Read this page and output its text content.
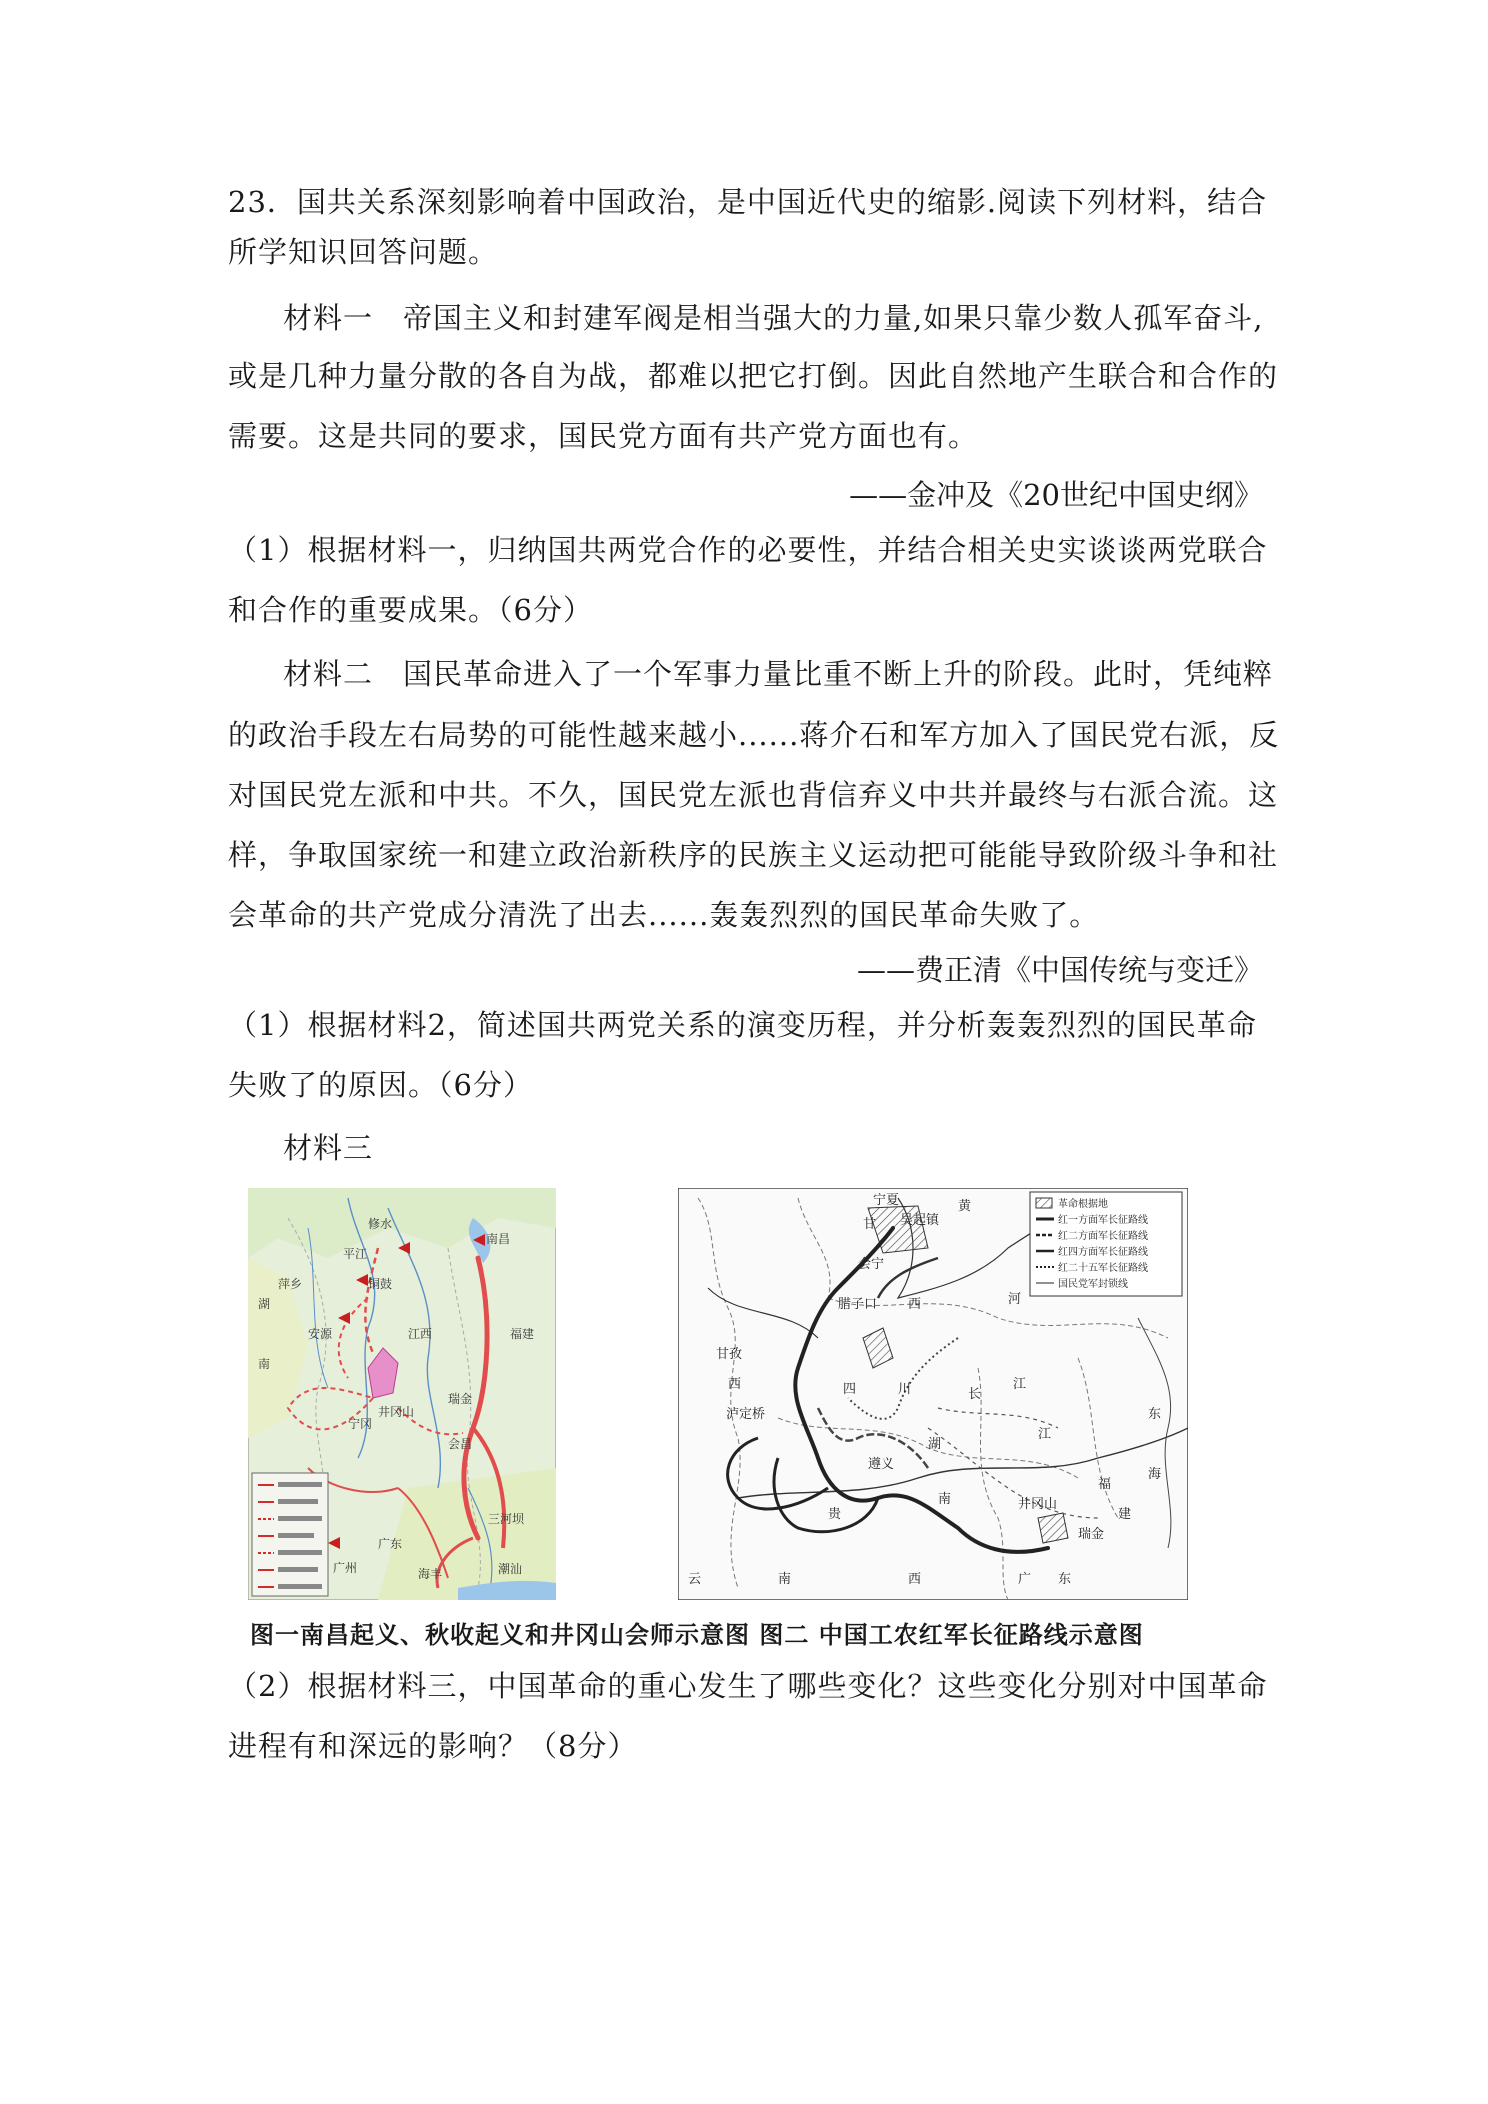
23．国共关系深刻影响着中国政治，是中国近代史的缩影.阅读下列材料，结合
所学知识回答问题。
材料一　帝国主义和封建军阀是相当强大的力量,如果只靠少数人孤军奋斗,
或是几种力量分散的各自为战，都难以把它打倒。因此自然地产生联合和合作的
需要。这是共同的要求，国民党方面有共产党方面也有。
——金冲及《20世纪中国史纲》
（1）根据材料一，归纳国共两党合作的必要性，并结合相关史实谈谈两党联合
和合作的重要成果。（6分）
材料二　国民革命进入了一个军事力量比重不断上升的阶段。此时，凭纯粹
的政治手段左右局势的可能性越来越小......蒋介石和军方加入了国民党右派，反
对国民党左派和中共。不久，国民党左派也背信弃义中共并最终与右派合流。这
样，争取国家统一和建立政治新秩序的民族主义运动把可能能导致阶级斗争和社
会革命的共产党成分清洗了出去......轰轰烈烈的国民革命失败了。
——费正清《中国传统与变迁》
（1）根据材料2，简述国共两党关系的演变历程，并分析轰轰烈烈的国民革命
失败了的原因。（6分）
材料三
湖
南
修水
平江
铜鼓
萍乡
安源
宁冈
井冈山
南昌
瑞金
会昌
三河坝
潮汕
广东
广州	海丰
江西	福建
革命根据地
红一方面军长征路线
红二方面军长征路线
红四方面军长征路线
红二十五军长征路线
国民党军封锁线
宁夏
甘 吴起镇
会宁
腊子口
甘孜
西
泸定桥
四	川	长
江
湖
南
贵
遵义
井冈山
瑞金
福
建
广 东
西
云	南
黄
河
西
江
东
海
图一南昌起义、秋收起义和井冈山会师示意图 图二 中国工农红军长征路线示意图
（2）根据材料三，中国革命的重心发生了哪些变化？这些变化分别对中国革命
进程有和深远的影响？（8分）
